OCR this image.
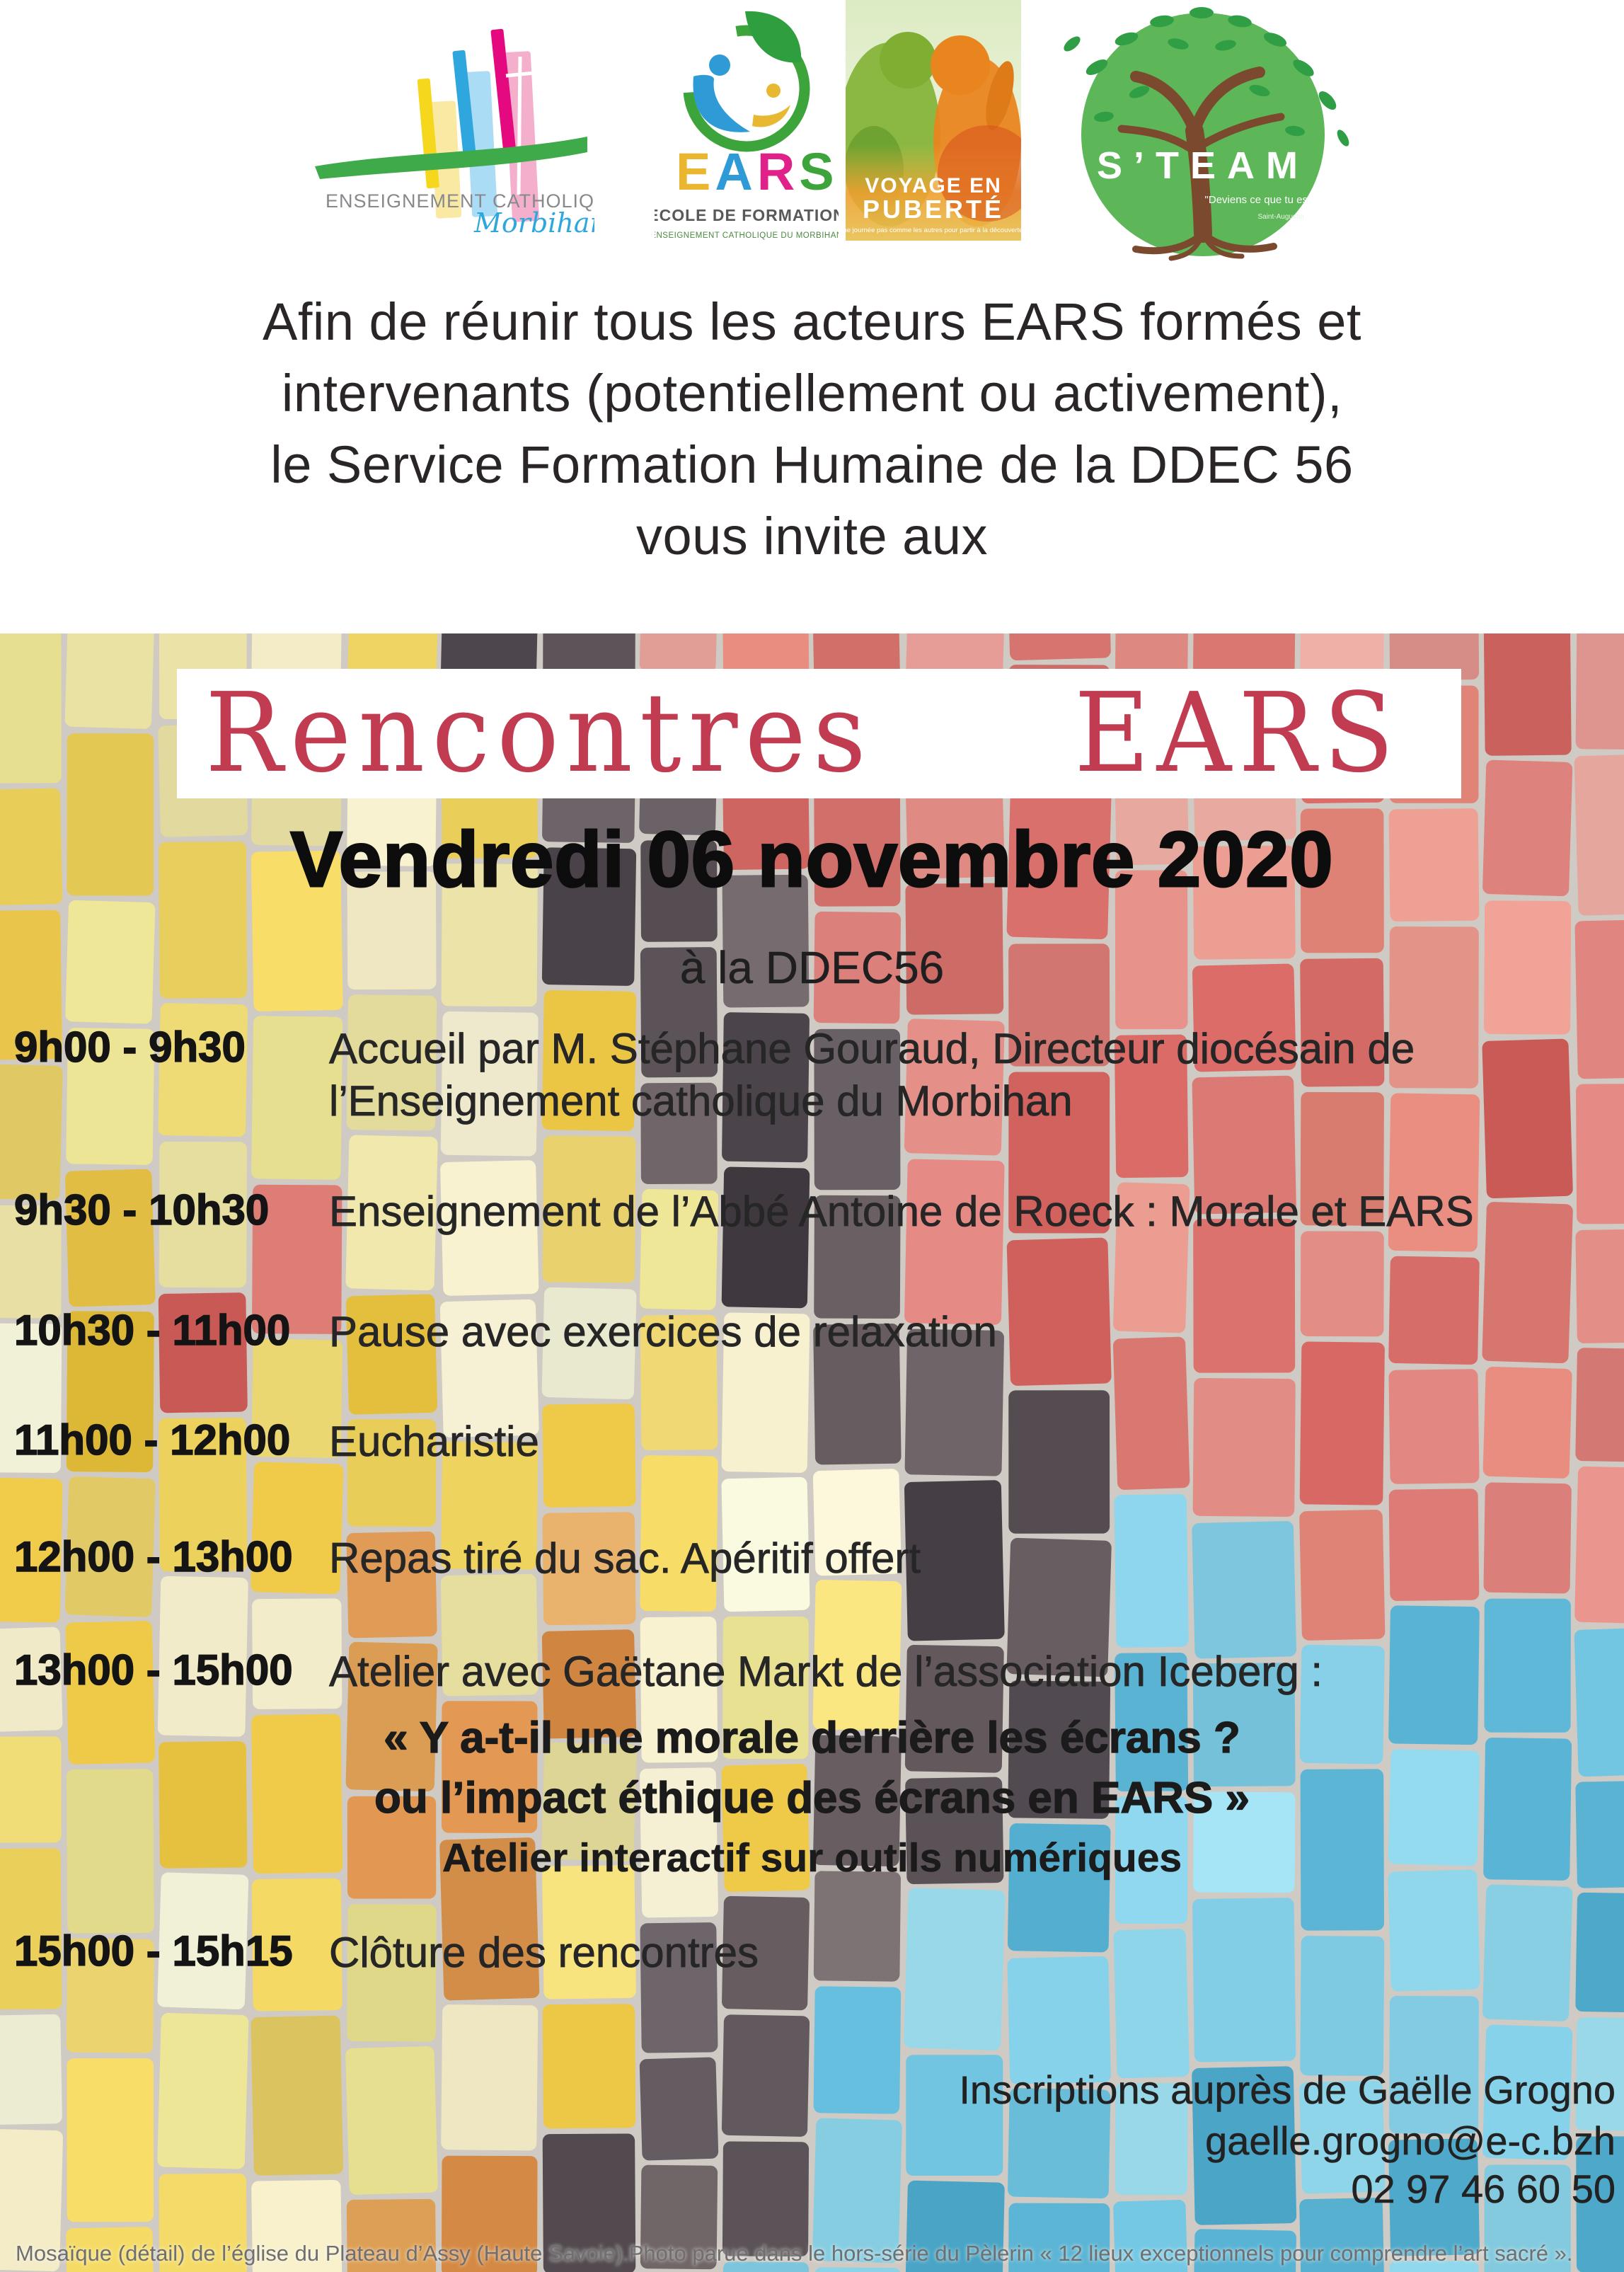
ENSEIGNEMENT CATHOLIQUE
Morbihan
EARS
ECOLE DE FORMATION
ENSEIGNEMENT CATHOLIQUE DU MORBIHAN
VOYAGE EN
PUBERTÉ
Une journée pas comme les autres pour partir à la découverte...
S’TEAM
"Deviens ce que tu es."
Saint-Augustin
Afin de réunir tous les acteurs EARS formés et
intervenants (potentiellement ou activement),
le Service Formation Humaine de la DDEC 56
vous invite aux
Rencontres EARS
Vendredi 06 novembre 2020
à la DDEC56
9h00 - 9h30 Accueil par M. Stéphane Gouraud, Directeur diocésain de
l’Enseignement catholique du Morbihan
9h30 - 10h30 Enseignement de l’Abbé Antoine de Roeck : Morale et EARS
10h30 - 11h00 Pause avec exercices de relaxation
11h00 - 12h00 Eucharistie
12h00 - 13h00 Repas tiré du sac. Apéritif offert
13h00 - 15h00 Atelier avec Gaëtane Markt de l’association Iceberg :
« Y a-t-il une morale derrière les écrans ?
ou l’impact éthique des écrans en EARS »
Atelier interactif sur outils numériques
15h00 - 15h15 Clôture des rencontres
Inscriptions auprès de Gaëlle Grogno
gaelle.grogno@e-c.bzh
02 97 46 60 50
Mosaïque (détail) de l’église du Plateau d’Assy (Haute Savoie).Photo parue dans le hors-série du Pèlerin « 12 lieux exceptionnels pour comprendre l’art sacré ».
